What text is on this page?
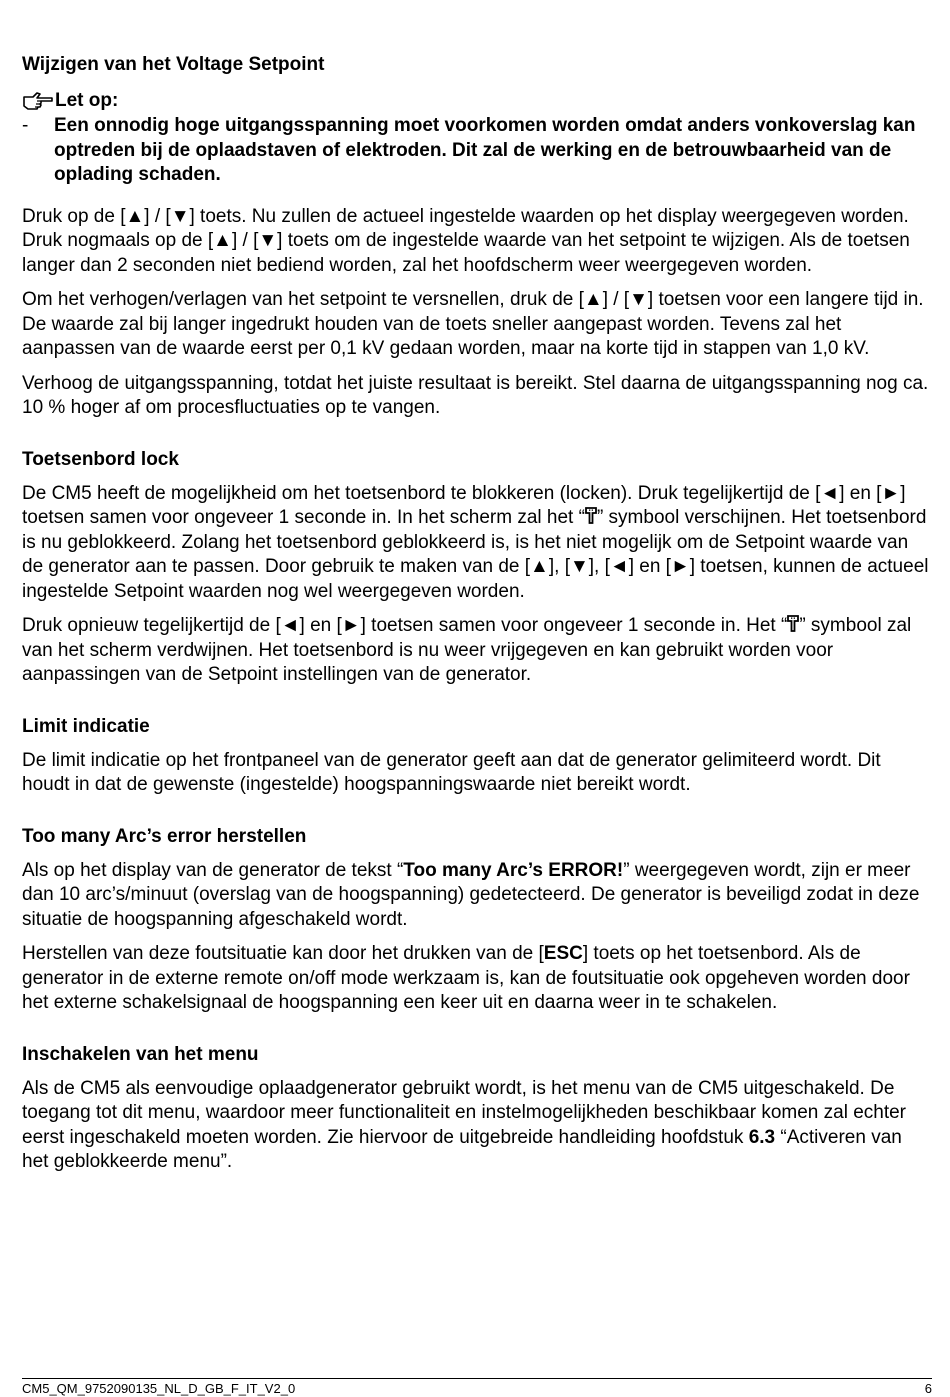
Wijzigen van het Voltage Setpoint
Let op:
-	Een onnodig hoge uitgangsspanning moet voorkomen worden omdat anders vonkoverslag kan optreden bij de oplaadstaven of elektroden. Dit zal de werking en de betrouwbaarheid van de oplading schaden.

Druk op de [▲] / [▼] toets. Nu zullen de actueel ingestelde waarden op het display weergegeven worden. Druk nogmaals op de [▲] / [▼] toets om de ingestelde waarde van het setpoint te wijzigen. Als de toetsen langer dan 2 seconden niet bediend worden, zal het hoofdscherm weer weergegeven worden.

Om het verhogen/verlagen van het setpoint te versnellen, druk de [▲] / [▼] toetsen voor een langere tijd in. De waarde zal bij langer ingedrukt houden van de toets sneller aangepast worden. Tevens zal het aanpassen van de waarde eerst per 0,1 kV gedaan worden, maar na korte tijd in stappen van 1,0 kV.

Verhoog de uitgangsspanning, totdat het juiste resultaat is bereikt. Stel daarna de uitgangsspanning nog ca. 10 % hoger af om procesfluctuaties op te vangen.

Toetsenbord lock

De CM5 heeft de mogelijkheid om het toetsenbord te blokkeren (locken). Druk tegelijkertijd de [◄] en [►] toetsen samen voor ongeveer 1 seconde in. In het scherm zal het “ ” symbool verschijnen. Het toetsenbord is nu geblokkeerd. Zolang het toetsenbord geblokkeerd is, is het niet mogelijk om de Setpoint waarde van de generator aan te passen. Door gebruik te maken van de [▲], [▼], [◄] en [►] toetsen, kunnen de actueel ingestelde Setpoint waarden nog wel weergegeven worden.

Druk opnieuw tegelijkertijd de [◄] en [►] toetsen samen voor ongeveer 1 seconde in. Het “ ” symbool zal van het scherm verdwijnen. Het toetsenbord is nu weer vrijgegeven en kan gebruikt worden voor aanpassingen van de Setpoint instellingen van de generator.

Limit indicatie

De limit indicatie op het frontpaneel van de generator geeft aan dat de generator gelimiteerd wordt. Dit houdt in dat de gewenste (ingestelde) hoogspanningswaarde niet bereikt wordt.

Too many Arc’s error herstellen

Als op het display van de generator de tekst “Too many Arc’s ERROR!” weergegeven wordt, zijn er meer dan 10 arc’s/minuut (overslag van de hoogspanning) gedetecteerd. De generator is beveiligd zodat in deze situatie de hoogspanning afgeschakeld wordt.

Herstellen van deze foutsituatie kan door het drukken van de [ESC] toets op het toetsenbord. Als de generator in de externe remote on/off mode werkzaam is, kan de foutsituatie ook opgeheven worden door het externe schakelsignaal de hoogspanning een keer uit en daarna weer in te schakelen.

Inschakelen van het menu

Als de CM5 als eenvoudige oplaadgenerator gebruikt wordt, is het menu van de CM5 uitgeschakeld. De toegang tot dit menu, waardoor meer functionaliteit en instelmogelijkheden beschikbaar komen zal echter eerst ingeschakeld moeten worden. Zie hiervoor de uitgebreide handleiding hoofdstuk 6.3 “Activeren van het geblokkeerde menu”.

CM5_QM_9752090135_NL_D_GB_F_IT_V2_0	6
